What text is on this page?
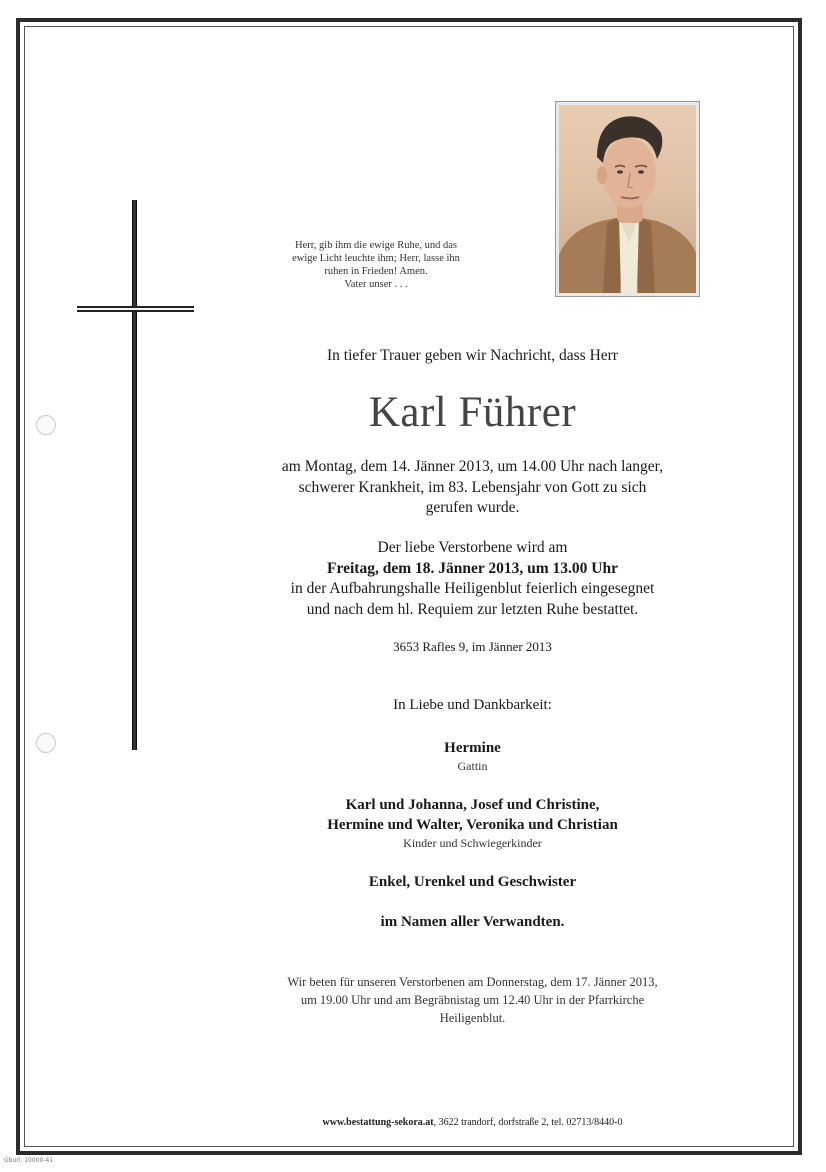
Herr, gib ihm die ewige Ruhe, und das
ewige Licht leuchte ihm; Herr, lasse ihn
ruhen in Frieden! Amen.
Vater unser . . .
In tiefer Trauer geben wir Nachricht, dass Herr
Karl Führer
am Montag, dem 14. Jänner 2013, um 14.00 Uhr nach langer,
schwerer Krankheit, im 83. Lebensjahr von Gott zu sich
gerufen wurde.
Der liebe Verstorbene wird am
Freitag, dem 18. Jänner 2013, um 13.00 Uhr
in der Aufbahrungshalle Heiligenblut feierlich eingesegnet
und nach dem hl. Requiem zur letzten Ruhe bestattet.
3653 Rafles 9, im Jänner 2013
In Liebe und Dankbarkeit:
Hermine
Gattin
Karl und Johanna, Josef und Christine,
Hermine und Walter, Veronika und Christian
Kinder und Schwiegerkinder
Enkel, Urenkel und Geschwister
im Namen aller Verwandten.
Wir beten für unseren Verstorbenen am Donnerstag, dem 17. Jänner 2013,
um 19.00 Uhr und am Begräbnistag um 12.40 Uhr in der Pfarrkirche
Heiligenblut.
www.bestattung-sekora.at, 3622 trandorf, dorfstraße 2, tel. 02713/8440-0
Gburl. 10000-41
